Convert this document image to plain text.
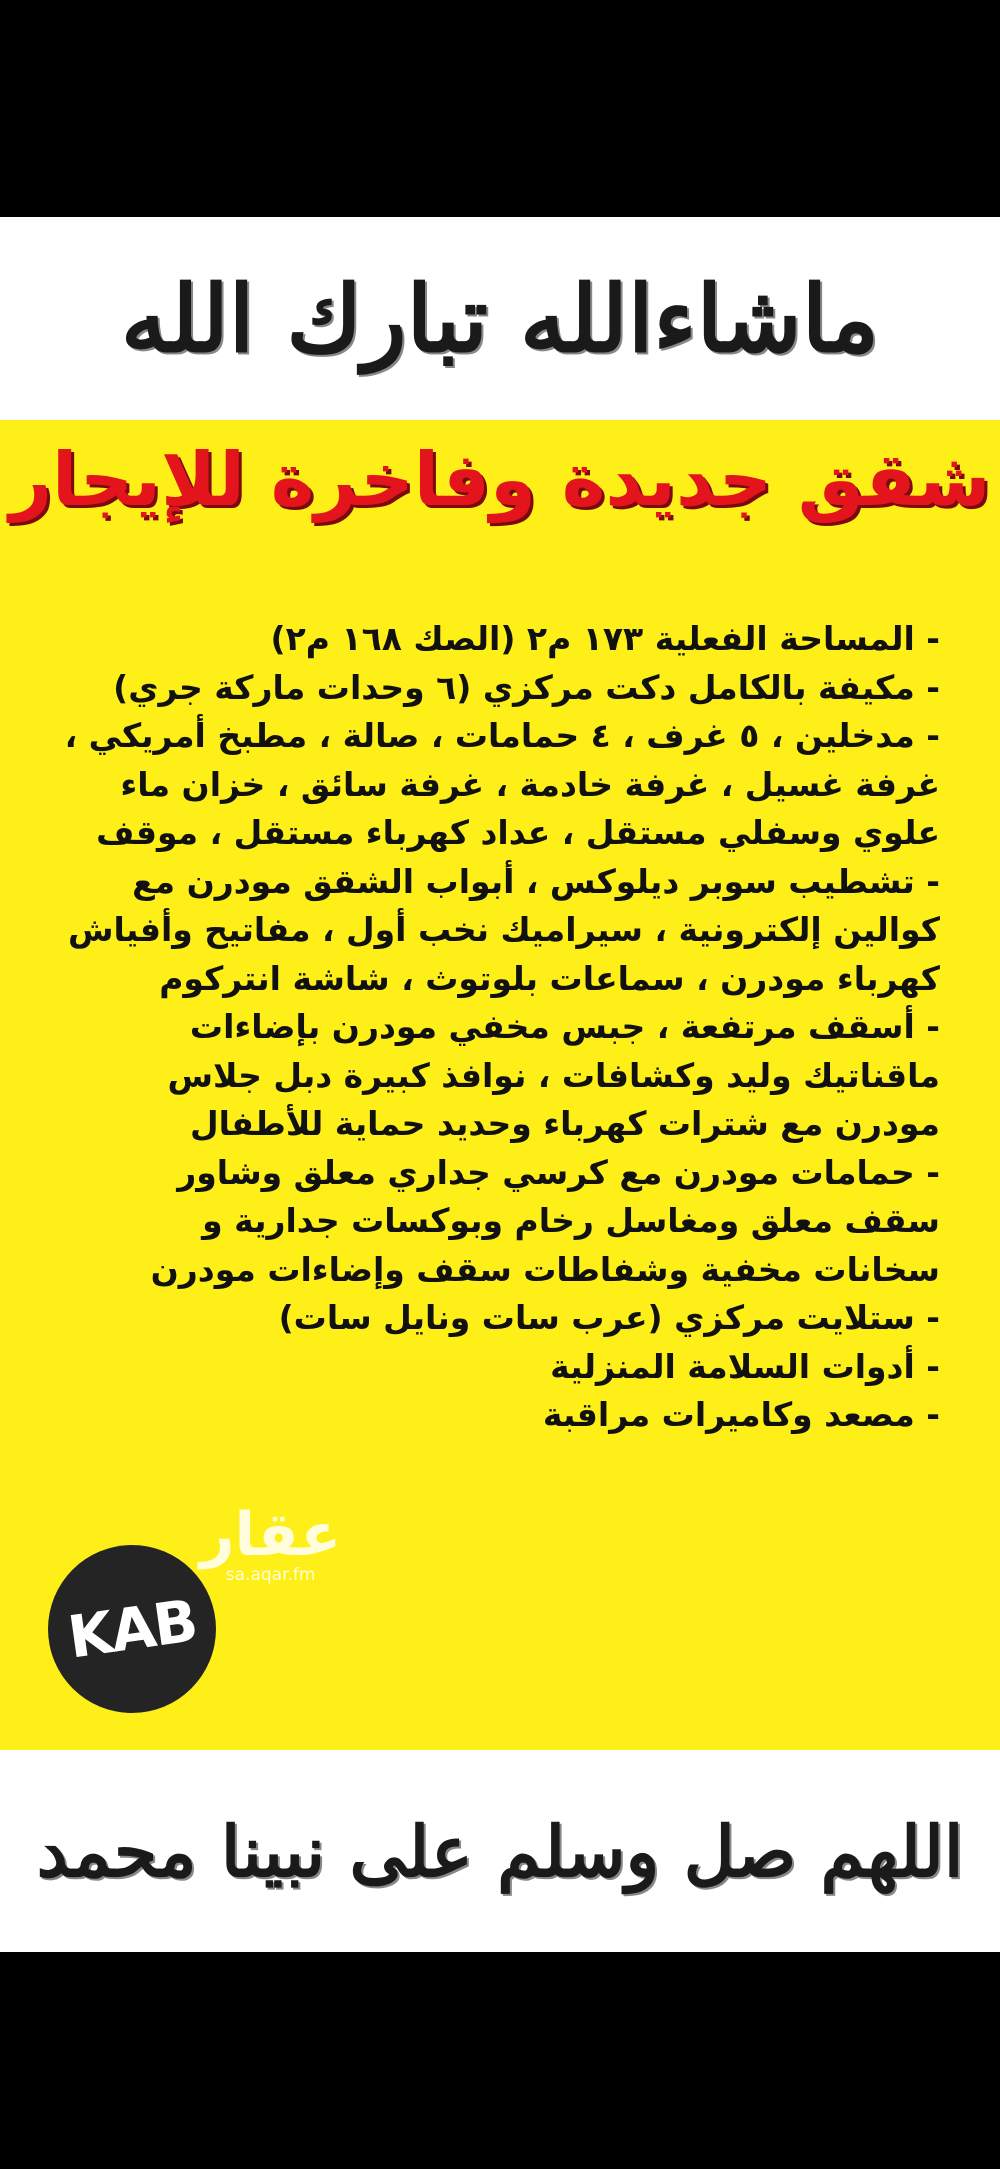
ماشاءالله تبارك الله
شقق جديدة وفاخرة للإيجار
- المساحة الفعلية ١٧٣ م٢ (الصك ١٦٨ م٢)
- مكيفة بالكامل دكت مركزي (٦ وحدات ماركة جري)
- مدخلين ، ٥ غرف ، ٤ حمامات ، صالة ، مطبخ أمريكي ،
غرفة غسيل ، غرفة خادمة ، غرفة سائق ، خزان ماء
علوي وسفلي مستقل ، عداد كهرباء مستقل ، موقف
- تشطيب سوبر ديلوكس ، أبواب الشقق مودرن مع
كوالين إلكترونية ، سيراميك نخب أول ، مفاتيح وأفياش
كهرباء مودرن ، سماعات بلوتوث ، شاشة انتركوم
- أسقف مرتفعة ، جبس مخفي مودرن بإضاءات
ماقناتيك وليد وكشافات ، نوافذ كبيرة دبل جلاس
مودرن مع شترات كهرباء وحديد حماية للأطفال
- حمامات مودرن مع كرسي جداري معلق وشاور
سقف معلق ومغاسل رخام وبوكسات جدارية و
سخانات مخفية وشفاطات سقف وإضاءات مودرن
- ستلايت مركزي (عرب سات ونايل سات)
- أدوات السلامة المنزلية
- مصعد وكاميرات مراقبة
عقار
sa.aqar.fm
KAB
اللهم صل وسلم على نبينا محمد
